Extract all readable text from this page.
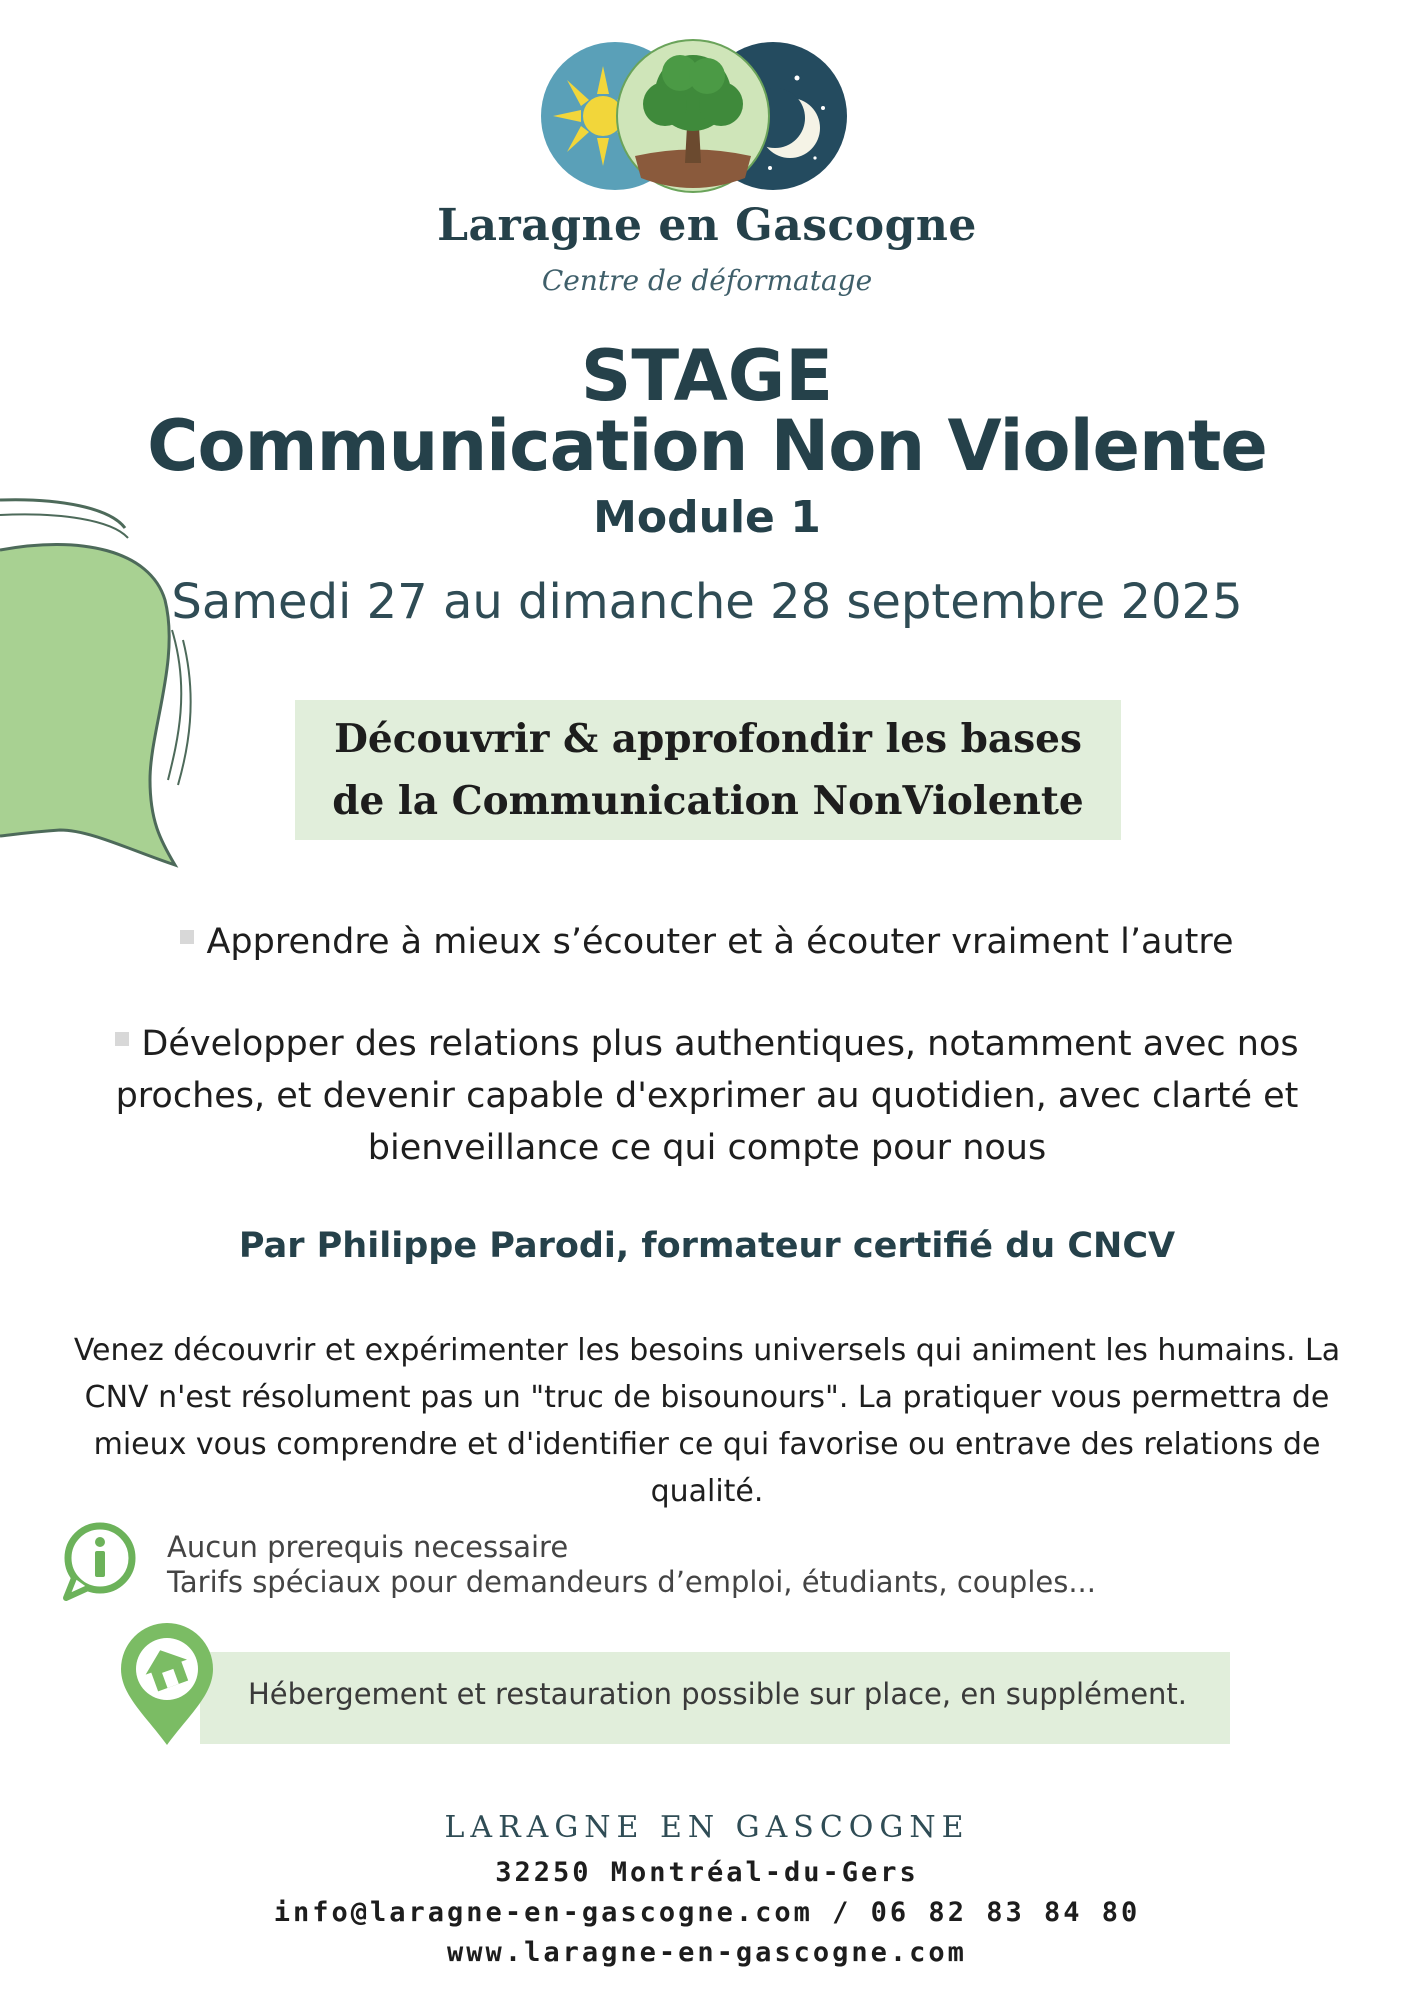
Laragne en Gascogne
Centre de déformatage
STAGE
Communication Non Violente
Module 1
Samedi 27 au dimanche 28 septembre 2025
Découvrir & approfondir les bases
de la Communication NonViolente
Apprendre à mieux s’écouter et à écouter vraiment l’autre
Développer des relations plus authentiques, notamment avec nos
proches, et devenir capable d'exprimer au quotidien, avec clarté et
bienveillance ce qui compte pour nous
Par Philippe Parodi, formateur certifié du CNCV
Venez découvrir et expérimenter les besoins universels qui animent les humains. La
CNV n'est résolument pas un "truc de bisounours". La pratiquer vous permettra de
mieux vous comprendre et d'identifier ce qui favorise ou entrave des relations de
qualité.
Aucun prerequis necessaire
Tarifs spéciaux pour demandeurs d’emploi, étudiants, couples...
Hébergement et restauration possible sur place, en supplément.
LARAGNE EN GASCOGNE
32250 Montréal-du-Gers
info@laragne-en-gascogne.com / 06 82 83 84 80
www.laragne-en-gascogne.com
